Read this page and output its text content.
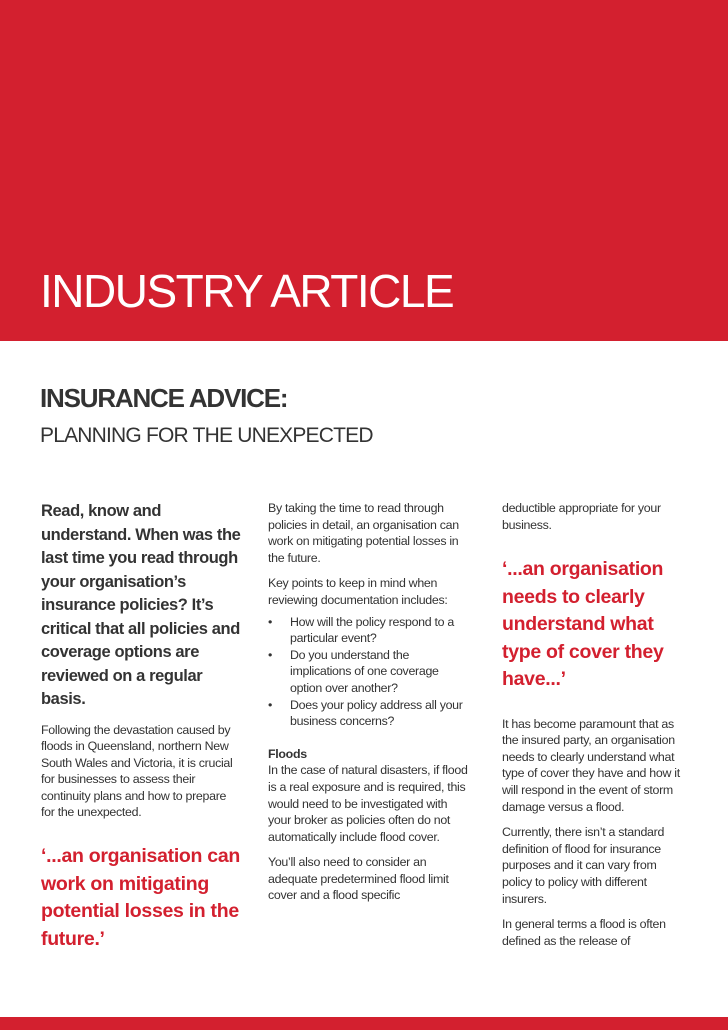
INDUSTRY ARTICLE
INSURANCE ADVICE:
PLANNING FOR THE UNEXPECTED

Read, know and understand. When was the last time you read through your organisation’s insurance policies? It’s critical that all policies and coverage options are reviewed on a regular basis.

Following the devastation caused by floods in Queensland, northern New South Wales and Victoria, it is crucial for businesses to assess their continuity plans and how to prepare for the unexpected.

‘...an organisation can work on mitigating potential losses in the future.’

By taking the time to read through policies in detail, an organisation can work on mitigating potential losses in the future.

Key points to keep in mind when reviewing documentation includes:

• How will the policy respond to a particular event?
• Do you understand the implications of one coverage option over another?
• Does your policy address all your business concerns?

Floods

In the case of natural disasters, if flood is a real exposure and is required, this would need to be investigated with your broker as policies often do not automatically include flood cover.

You’ll also need to consider an adequate predetermined flood limit cover and a flood specific

deductible appropriate for your business.

‘...an organisation needs to clearly understand what type of cover they have...’

It has become paramount that as the insured party, an organisation needs to clearly understand what type of cover they have and how it will respond in the event of storm damage versus a flood.

Currently, there isn’t a standard definition of flood for insurance purposes and it can vary from policy to policy with different insurers.

In general terms a flood is often defined as the release of
